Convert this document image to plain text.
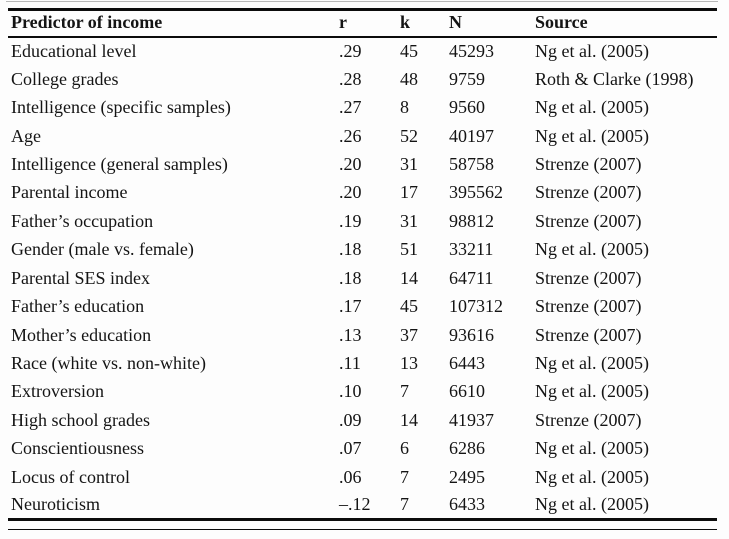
Predictor of income	r	k	N	Source
Educational level	.29	45	45293	Ng et al. (2005)
College grades	.28	48	9759	Roth & Clarke (1998)
Intelligence (specific samples)	.27	8	9560	Ng et al. (2005)
Age	.26	52	40197	Ng et al. (2005)
Intelligence (general samples)	.20	31	58758	Strenze (2007)
Parental income	.20	17	395562	Strenze (2007)
Father’s occupation	.19	31	98812	Strenze (2007)
Gender (male vs. female)	.18	51	33211	Ng et al. (2005)
Parental SES index	.18	14	64711	Strenze (2007)
Father’s education	.17	45	107312	Strenze (2007)
Mother’s education	.13	37	93616	Strenze (2007)
Race (white vs. non-white)	.11	13	6443	Ng et al. (2005)
Extroversion	.10	7	6610	Ng et al. (2005)
High school grades	.09	14	41937	Strenze (2007)
Conscientiousness	.07	6	6286	Ng et al. (2005)
Locus of control	.06	7	2495	Ng et al. (2005)
Neuroticism	–.12	7	6433	Ng et al. (2005)
